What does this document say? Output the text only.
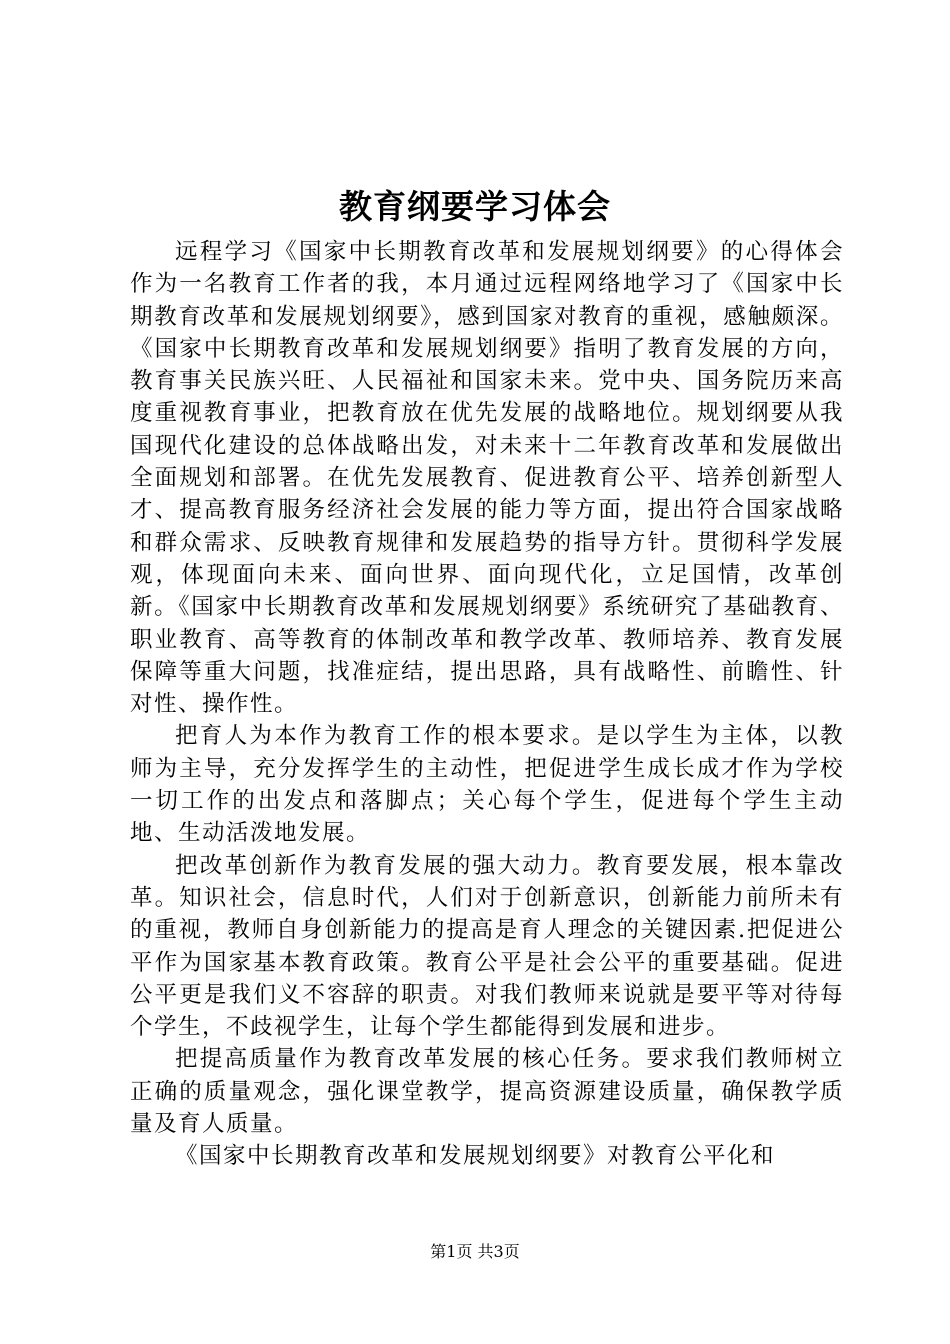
教育纲要学习体会

远程学习《国家中长期教育改革和发展规划纲要》的心得体会作为一名教育工作者的我，本月通过远程网络地学习了《国家中长期教育改革和发展规划纲要》，感到国家对教育的重视，感触颇深。《国家中长期教育改革和发展规划纲要》指明了教育发展的方向，教育事关民族兴旺、人民福祉和国家未来。党中央、国务院历来高度重视教育事业，把教育放在优先发展的战略地位。规划纲要从我国现代化建设的总体战略出发，对未来十二年教育改革和发展做出全面规划和部署。在优先发展教育、促进教育公平、培养创新型人才、提高教育服务经济社会发展的能力等方面，提出符合国家战略和群众需求、反映教育规律和发展趋势的指导方针。贯彻科学发展观，体现面向未来、面向世界、面向现代化，立足国情，改革创新。《国家中长期教育改革和发展规划纲要》系统研究了基础教育、职业教育、高等教育的体制改革和教学改革、教师培养、教育发展保障等重大问题，找准症结，提出思路，具有战略性、前瞻性、针对性、操作性。

把育人为本作为教育工作的根本要求。是以学生为主体，以教师为主导，充分发挥学生的主动性，把促进学生成长成才作为学校一切工作的出发点和落脚点；关心每个学生，促进每个学生主动地、生动活泼地发展。

把改革创新作为教育发展的强大动力。教育要发展，根本靠改革。知识社会，信息时代，人们对于创新意识，创新能力前所未有的重视，教师自身创新能力的提高是育人理念的关键因素.把促进公平作为国家基本教育政策。教育公平是社会公平的重要基础。促进公平更是我们义不容辞的职责。对我们教师来说就是要平等对待每个学生，不歧视学生，让每个学生都能得到发展和进步。

把提高质量作为教育改革发展的核心任务。要求我们教师树立正确的质量观念，强化课堂教学，提高资源建设质量，确保教学质量及育人质量。

《国家中长期教育改革和发展规划纲要》对教育公平化和

第1页 共3页
